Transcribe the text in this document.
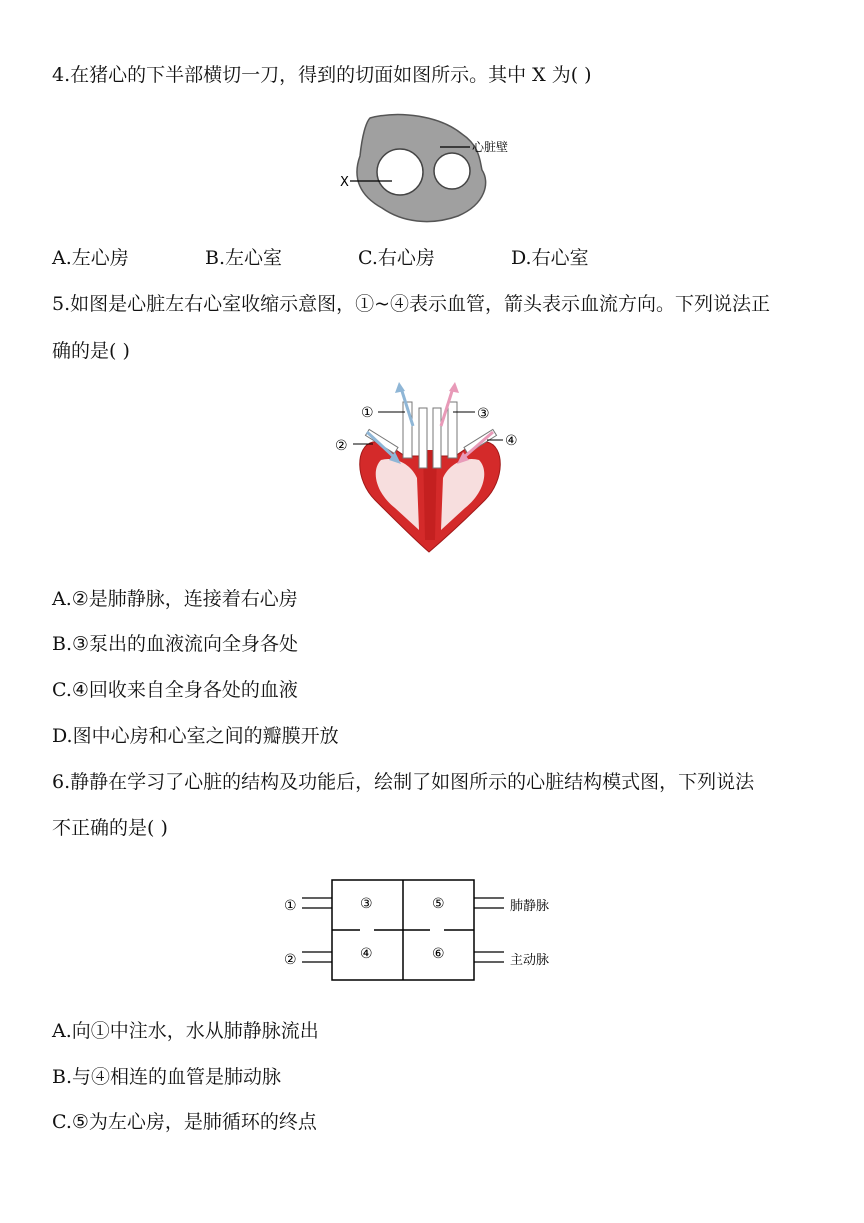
4.在猪心的下半部横切一刀，得到的切面如图所示。其中 X 为( )
X
心脏壁
A.左心房	B.左心室	C.右心房	D.右心室
5.如图是心脏左右心室收缩示意图，①~④表示血管，箭头表示血流方向。下列说法正
确的是( )
①
②
③
④
A.②是肺静脉，连接着右心房
B.③泵出的血液流向全身各处
C.④回收来自全身各处的血液
D.图中心房和心室之间的瓣膜开放
6.静静在学习了心脏的结构及功能后，绘制了如图所示的心脏结构模式图，下列说法
不正确的是( )
①
②
③
④
⑤
⑥
肺静脉
主动脉
A.向①中注水，水从肺静脉流出
B.与④相连的血管是肺动脉
C.⑤为左心房，是肺循环的终点
